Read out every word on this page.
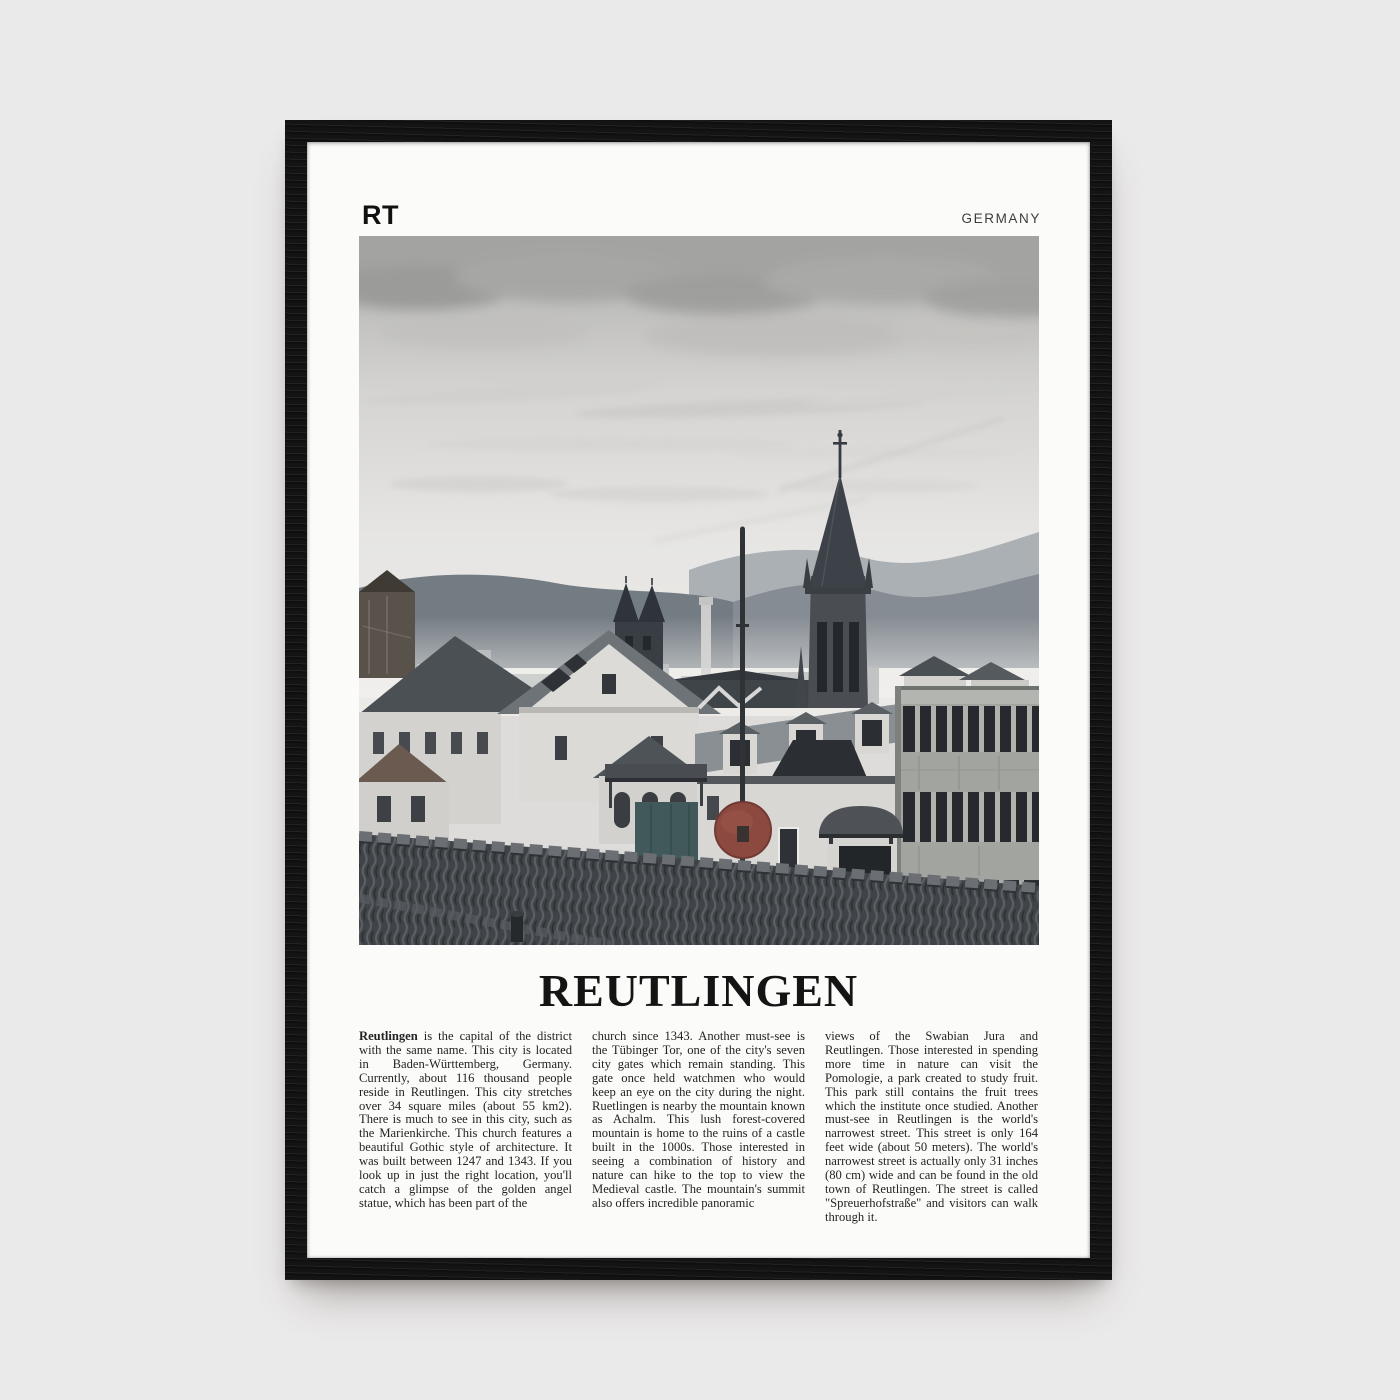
RT	GERMANY
REUTLINGEN

Reutlingen is the capital of the district with the same name. This city is located in Baden-Württemberg, Germany. Currently, about 116 thousand people reside in Reutlingen. This city stretches over 34 square miles (about 55 km2). There is much to see in this city, such as the Marienkirche. This church features a beautiful Gothic style of architecture. It was built between 1247 and 1343. If you look up in just the right location, you'll catch a glimpse of the golden angel statue, which has been part of the

church since 1343. Another must-see is the Tübinger Tor, one of the city's seven city gates which remain standing. This gate once held watchmen who would keep an eye on the city during the night. Ruetlingen is nearby the mountain known as Achalm. This lush forest-covered mountain is home to the ruins of a castle built in the 1000s. Those interested in seeing a combination of history and nature can hike to the top to view the Medieval castle. The mountain's summit also offers incredible panoramic

views of the Swabian Jura and Reutlingen. Those interested in spending more time in nature can visit the Pomologie, a park created to study fruit. This park still contains the fruit trees which the institute once studied. Another must-see in Reutlingen is the world's narrowest street. This street is only 164 feet wide (about 50 meters). The world's narrowest street is actually only 31 inches (80 cm) wide and can be found in the old town of Reutlingen. The street is called "Spreuerhofstraße" and visitors can walk through it.
